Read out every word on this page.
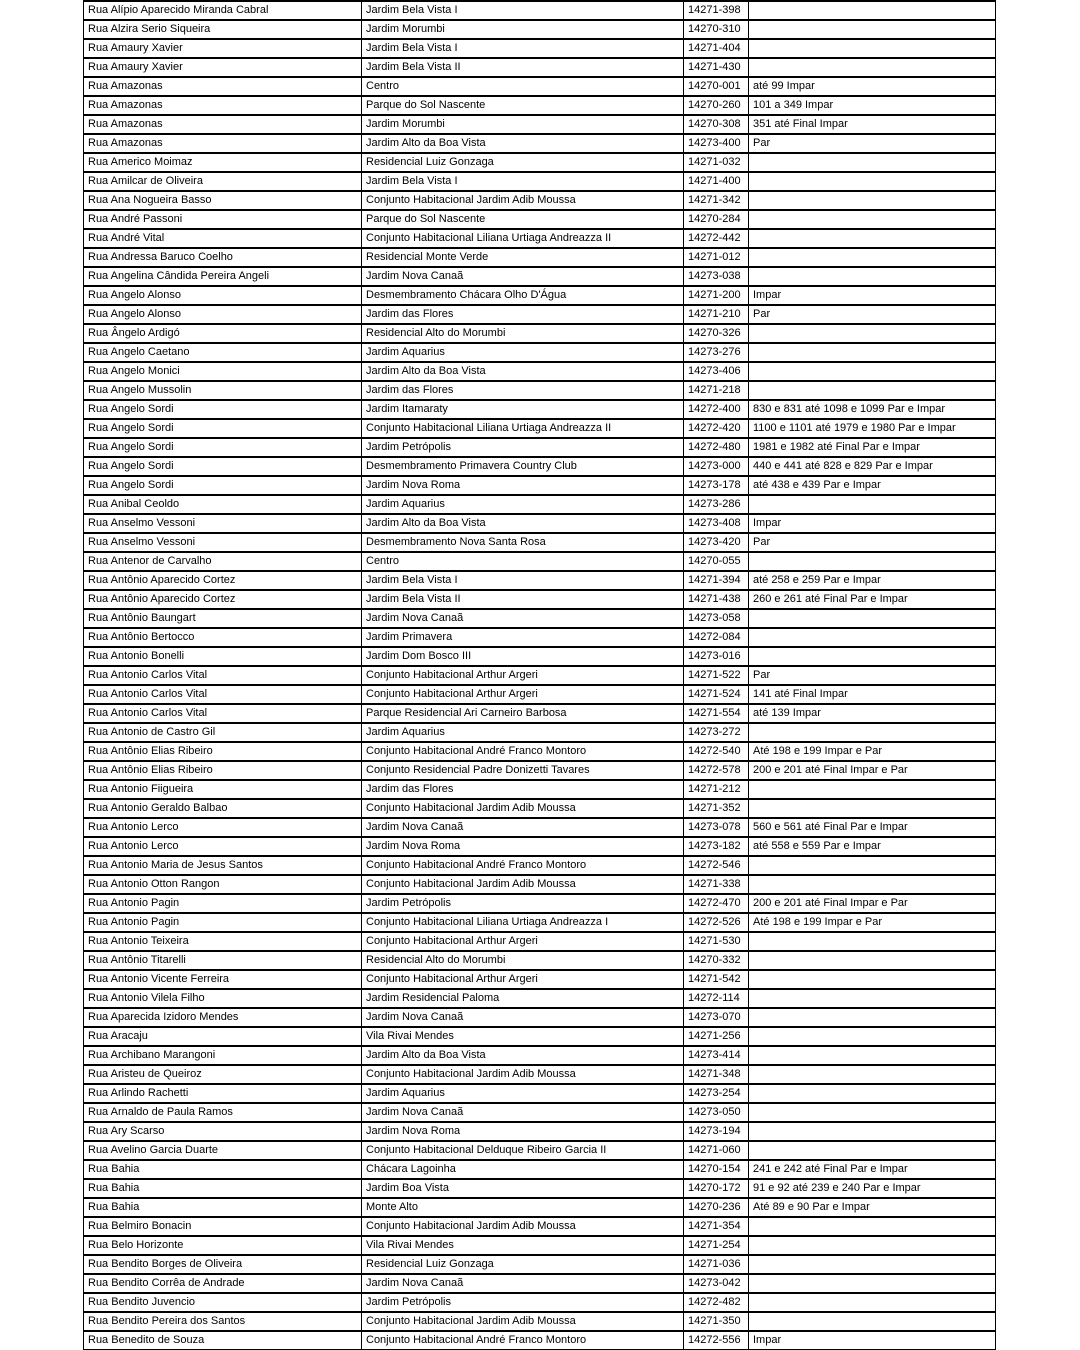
Rua Alípio Aparecido Miranda Cabral	Jardim Bela Vista I	14271-398	
Rua Alzira Serio Siqueira	Jardim Morumbi	14270-310	
Rua Amaury Xavier	Jardim Bela Vista I	14271-404	
Rua Amaury Xavier	Jardim Bela Vista II	14271-430	
Rua Amazonas	Centro	14270-001	até 99 Impar
Rua Amazonas	Parque do Sol Nascente	14270-260	101 a 349 Impar
Rua Amazonas	Jardim Morumbi	14270-308	351 até Final Impar
Rua Amazonas	Jardim Alto da Boa Vista	14273-400	Par
Rua Americo Moimaz	Residencial Luiz Gonzaga	14271-032	
Rua Amilcar de Oliveira	Jardim Bela Vista I	14271-400	
Rua Ana Nogueira Basso	Conjunto Habitacional Jardim Adib Moussa	14271-342	
Rua André Passoni	Parque do Sol Nascente	14270-284	
Rua André Vital	Conjunto Habitacional Liliana Urtiaga Andreazza II	14272-442	
Rua Andressa Baruco Coelho	Residencial Monte Verde	14271-012	
Rua Angelina Cândida Pereira Angeli	Jardim Nova Canaã	14273-038	
Rua Angelo Alonso	Desmembramento Chácara Olho D'Água	14271-200	Impar
Rua Angelo Alonso	Jardim das Flores	14271-210	Par
Rua Ângelo Ardigó	Residencial Alto do Morumbi	14270-326	
Rua Angelo Caetano	Jardim Aquarius	14273-276	
Rua Angelo Monici	Jardim Alto da Boa Vista	14273-406	
Rua Angelo Mussolin	Jardim das Flores	14271-218	
Rua Angelo Sordi	Jardim Itamaraty	14272-400	830 e 831 até 1098 e 1099 Par e Impar
Rua Angelo Sordi	Conjunto Habitacional Liliana Urtiaga Andreazza II	14272-420	1100 e 1101 até 1979 e 1980 Par e Impar
Rua Angelo Sordi	Jardim Petrópolis	14272-480	1981 e 1982 até Final Par e Impar
Rua Angelo Sordi	Desmembramento Primavera Country Club	14273-000	440 e 441 até 828 e 829 Par e Impar
Rua Angelo Sordi	Jardim Nova Roma	14273-178	até 438 e 439 Par e Impar
Rua Anibal Ceoldo	Jardim Aquarius	14273-286	
Rua Anselmo Vessoni	Jardim Alto da Boa Vista	14273-408	Impar
Rua Anselmo Vessoni	Desmembramento Nova Santa Rosa	14273-420	Par
Rua Antenor de Carvalho	Centro	14270-055	
Rua Antônio Aparecido Cortez	Jardim Bela Vista I	14271-394	até 258 e 259 Par e Impar
Rua Antônio Aparecido Cortez	Jardim Bela Vista II	14271-438	260 e 261 até Final Par e Impar
Rua Antônio Baungart	Jardim Nova Canaã	14273-058	
Rua Antônio Bertocco	Jardim Primavera	14272-084	
Rua Antonio Bonelli	Jardim Dom Bosco III	14273-016	
Rua Antonio Carlos Vital	Conjunto Habitacional Arthur Argeri	14271-522	Par
Rua Antonio Carlos Vital	Conjunto Habitacional Arthur Argeri	14271-524	141 até Final Impar
Rua Antonio Carlos Vital	Parque Residencial Ari Carneiro Barbosa	14271-554	até 139 Impar
Rua Antonio de Castro Gil	Jardim Aquarius	14273-272	
Rua Antônio Elias Ribeiro	Conjunto Habitacional André Franco Montoro	14272-540	Até 198 e 199 Impar e Par
Rua Antônio Elias Ribeiro	Conjunto Residencial Padre Donizetti Tavares	14272-578	200 e 201 até Final Impar e Par
Rua Antonio Fiigueira	Jardim das Flores	14271-212	
Rua Antonio Geraldo Balbao	Conjunto Habitacional Jardim Adib Moussa	14271-352	
Rua Antonio Lerco	Jardim Nova Canaã	14273-078	560 e 561 até Final Par e Impar
Rua Antonio Lerco	Jardim Nova Roma	14273-182	até 558 e 559 Par e Impar
Rua Antonio Maria de Jesus Santos	Conjunto Habitacional André Franco Montoro	14272-546	
Rua Antonio Otton Rangon	Conjunto Habitacional Jardim Adib Moussa	14271-338	
Rua Antonio Pagin	Jardim Petrópolis	14272-470	200 e 201 até Final Impar e Par
Rua Antonio Pagin	Conjunto Habitacional Liliana Urtiaga Andreazza I	14272-526	Até 198 e 199 Impar e Par
Rua Antonio Teixeira	Conjunto Habitacional Arthur Argeri	14271-530	
Rua Antônio Titarelli	Residencial Alto do Morumbi	14270-332	
Rua Antonio Vicente Ferreira	Conjunto Habitacional Arthur Argeri	14271-542	
Rua Antonio Vilela Filho	Jardim Residencial Paloma	14272-114	
Rua Aparecida Izidoro Mendes	Jardim Nova Canaã	14273-070	
Rua Aracaju	Vila Rivai Mendes	14271-256	
Rua Archibano Marangoni	Jardim Alto da Boa Vista	14273-414	
Rua Aristeu de Queiroz	Conjunto Habitacional Jardim Adib Moussa	14271-348	
Rua Arlindo Rachetti	Jardim Aquarius	14273-254	
Rua Arnaldo de Paula Ramos	Jardim Nova Canaã	14273-050	
Rua Ary Scarso	Jardim Nova Roma	14273-194	
Rua Avelino Garcia Duarte	Conjunto Habitacional Delduque Ribeiro Garcia II	14271-060	
Rua Bahia	Chácara Lagoinha	14270-154	241 e 242 até Final Par e Impar
Rua Bahia	Jardim Boa Vista	14270-172	91 e 92 até 239 e 240 Par e Impar
Rua Bahia	Monte Alto	14270-236	Até 89 e 90 Par e Impar
Rua Belmiro Bonacin	Conjunto Habitacional Jardim Adib Moussa	14271-354	
Rua Belo Horizonte	Vila Rivai Mendes	14271-254	
Rua Bendito Borges de Oliveira	Residencial Luiz Gonzaga	14271-036	
Rua Bendito Corrêa de Andrade	Jardim Nova Canaã	14273-042	
Rua Bendito Juvencio	Jardim Petrópolis	14272-482	
Rua Bendito Pereira dos Santos	Conjunto Habitacional Jardim Adib Moussa	14271-350	
Rua Benedito de Souza	Conjunto Habitacional André Franco Montoro	14272-556	Impar
